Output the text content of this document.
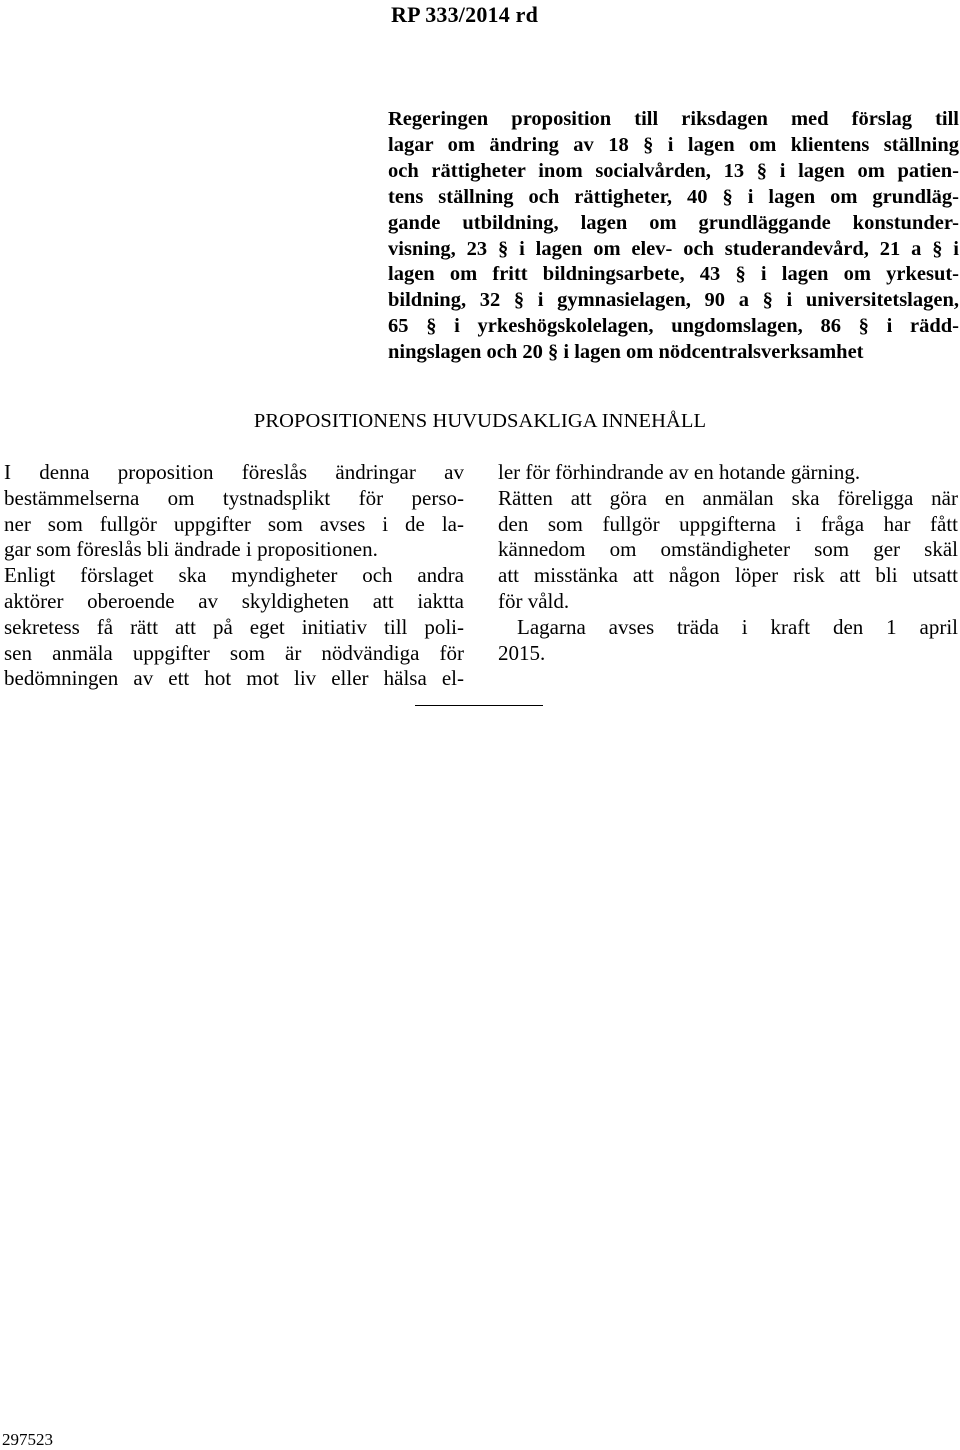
RP 333/2014 rd
Regeringen proposition till riksdagen med förslag till
lagar om ändring av 18 § i lagen om klientens ställning
och rättigheter inom socialvården, 13 § i lagen om patien-
tens ställning och rättigheter, 40 § i lagen om grundläg-
gande utbildning, lagen om grundläggande konstunder-
visning, 23 § i lagen om elev- och studerandevård, 21 a § i
lagen om fritt bildningsarbete, 43 § i lagen om yrkesut-
bildning, 32 § i gymnasielagen, 90 a § i universitetslagen,
65 § i yrkeshögskolelagen, ungdomslagen, 86 § i rädd-
ningslagen och 20 § i lagen om nödcentralsverksamhet
PROPOSITIONENS HUVUDSAKLIGA INNEHÅLL
I denna proposition föreslås ändringar av
bestämmelserna om tystnadsplikt för perso-
ner som fullgör uppgifter som avses i de la-
gar som föreslås bli ändrade i propositionen.
Enligt förslaget ska myndigheter och andra
aktörer oberoende av skyldigheten att iaktta
sekretess få rätt att på eget initiativ till poli-
sen anmäla uppgifter som är nödvändiga för
bedömningen av ett hot mot liv eller hälsa el-
ler för förhindrande av en hotande gärning.
Rätten att göra en anmälan ska föreligga när
den som fullgör uppgifterna i fråga har fått
kännedom om omständigheter som ger skäl
att misstänka att någon löper risk att bli utsatt
för våld.
Lagarna avses träda i kraft den 1 april
2015.
297523
